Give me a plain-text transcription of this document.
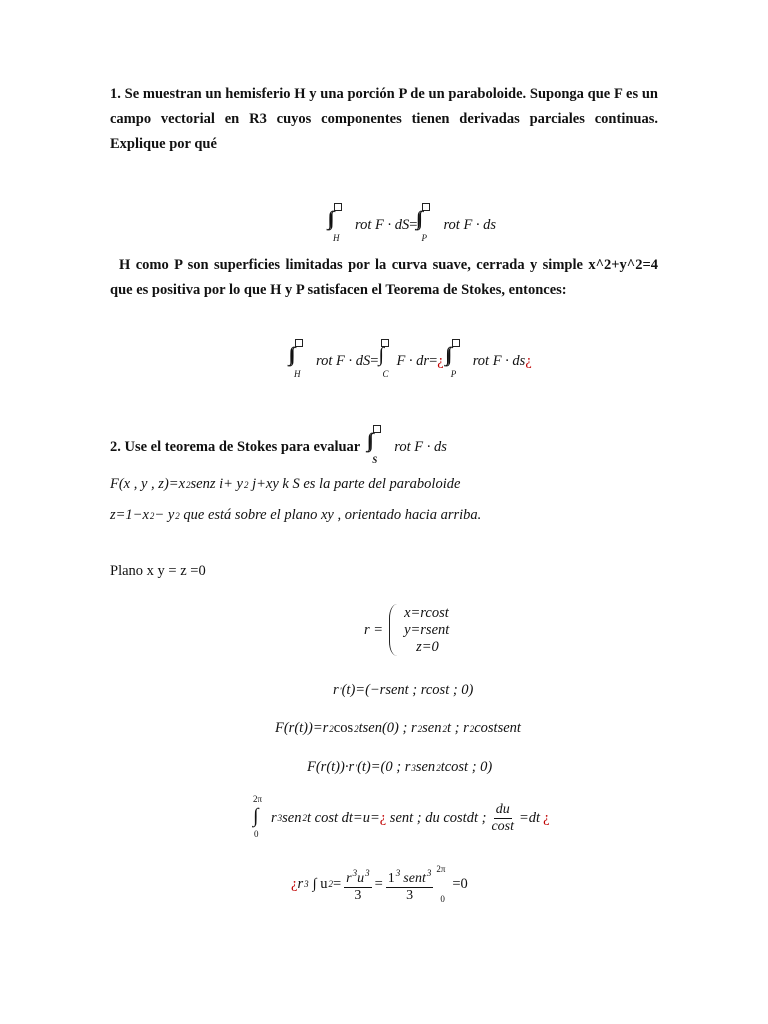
1. Se muestran un hemisferio H y una porción P de un paraboloide. Suponga que F es un campo vectorial en R3 cuyos componentes tienen derivadas parciales continuas. Explique por qué
H
rot F · dS =
P
rot F · ds
H como P son superficies limitadas por la curva suave, cerrada y simple x^2+y^2=4 que es positiva por lo que H y P satisfacen el Teorema de Stokes, entonces:
H
rot F · dS = ∫
C
F · dr = ¿
P
rot F · ds ¿
2. Use el teorema de Stokes para evaluar
S
rot F · ds
F(x , y , z)=x 2 senz i+ y 2 j+xy k S es la parte del paraboloide
z=1−x 2 − y 2 que está sobre el plano xy , orientado hacia arriba.
Plano x y = z =0
r =
x=rcost
y=rsent
z=0
r ' (t)=(−rsent ; rcost ; 0)
F(r(t))=r 2 cos 2 tsen(0) ; r 2 sen 2 t ; r 2 costsent
F(r(t))·r ' (t)=(0 ; r 3 sen 2 tcost ; 0)
2π
∫
0
r 3 sen 2 t cost dt=u= ¿ sent ; du costdt ; $\frac{du}{\cos t} =dt$ ¿
¿ r 3 ∫ u $2 = \frac{r^3u^3}{3} = \frac{1^3 sent^3}{3} 2\pi$
0
=0
